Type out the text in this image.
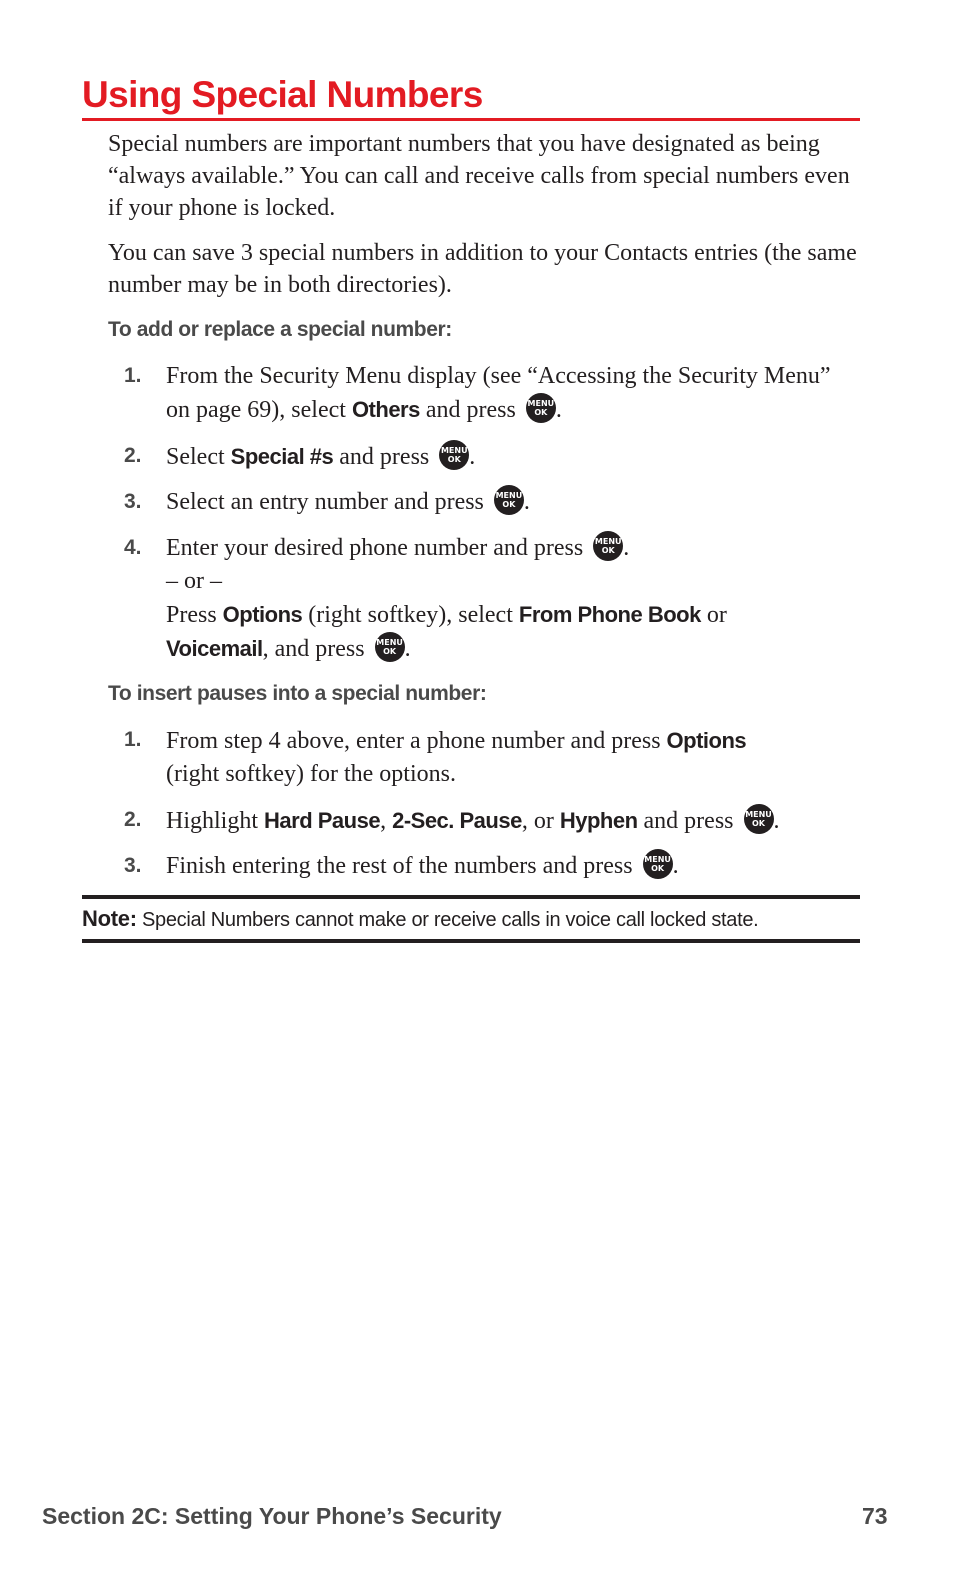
Using Special Numbers

Special numbers are important numbers that you have designated as being “always available.” You can call and receive calls from special numbers even if your phone is locked.

You can save 3 special numbers in addition to your Contacts entries (the same number may be in both directories).

To add or replace a special number:
1. From the Security Menu display (see “Accessing the Security Menu” on page 69), select Others and press MENU
OK .
2. Select Special #s and press MENU
OK .
3. Select an entry number and press MENU
OK .
4. Enter your desired phone number and press MENU
OK .
– or –
Press Options (right softkey), select From Phone Book or
Voicemail, and press MENU
OK .
To insert pauses into a special number:
1. From step 4 above, enter a phone number and press Options
(right softkey) for the options.
2. Highlight Hard Pause, 2-Sec. Pause, or Hyphen and press MENU
OK .
3. Finish entering the rest of the numbers and press MENU
OK .
Note: Special Numbers cannot make or receive calls in voice call locked state.
Section 2C: Setting Your Phone’s Security	73
